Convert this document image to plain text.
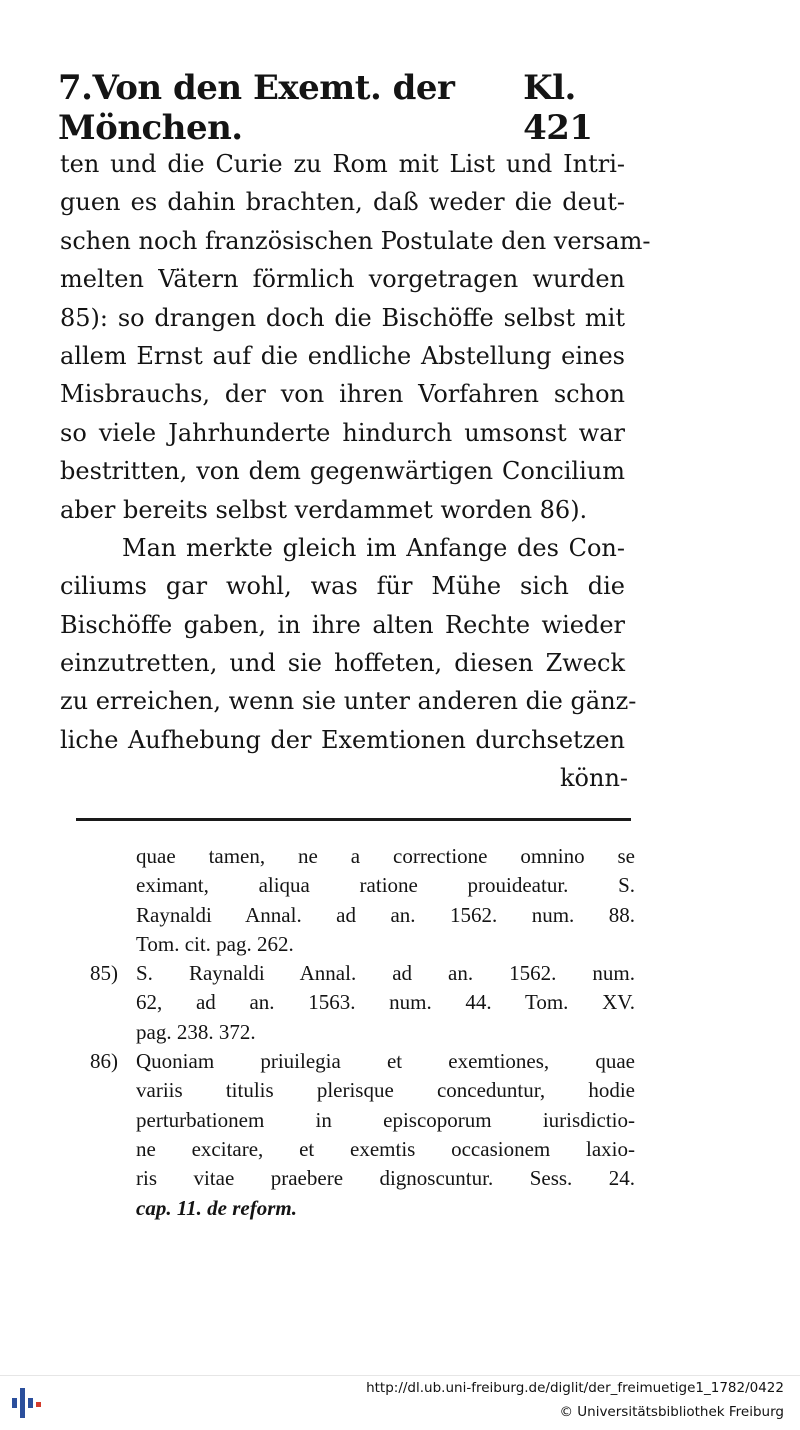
7.Von den Exemt. der Mönchen.
Kl. 421
ten und die Curie zu Rom mit List und Intri-
guen es dahin brachten, daß weder die deut-
schen noch französischen Postulate den versam-
melten Vätern förmlich vorgetragen wurden
85): so drangen doch die Bischöffe selbst mit
allem Ernst auf die endliche Abstellung eines
Misbrauchs, der von ihren Vorfahren schon
so viele Jahrhunderte hindurch umsonst war
bestritten, von dem gegenwärtigen Concilium
aber bereits selbst verdammet worden 86).
Man merkte gleich im Anfange des Con-
ciliums gar wohl, was für Mühe sich die
Bischöffe gaben, in ihre alten Rechte wieder
einzutretten, und sie hoffeten, diesen Zweck
zu erreichen, wenn sie unter anderen die gänz-
liche Aufhebung der Exemtionen durchsetzen
könn-
quae tamen, ne a correctione omnino se
eximant, aliqua ratione prouideatur. S.
Raynaldi Annal. ad an. 1562. num. 88.
Tom. cit. pag. 262.
85) S. Raynaldi Annal. ad an. 1562. num.
62, ad an. 1563. num. 44. Tom. XV.
pag. 238. 372.
86) Quoniam priuilegia et exemtiones, quae
variis titulis plerisque conceduntur, hodie
perturbationem in episcoporum iurisdictio-
ne excitare, et exemtis occasionem laxio-
ris vitae praebere dignoscuntur. Sess. 24.
cap. 11. de reform.
http://dl.ub.uni-freiburg.de/diglit/der_freimuetige1_1782/0422
© Universitätsbibliothek Freiburg
